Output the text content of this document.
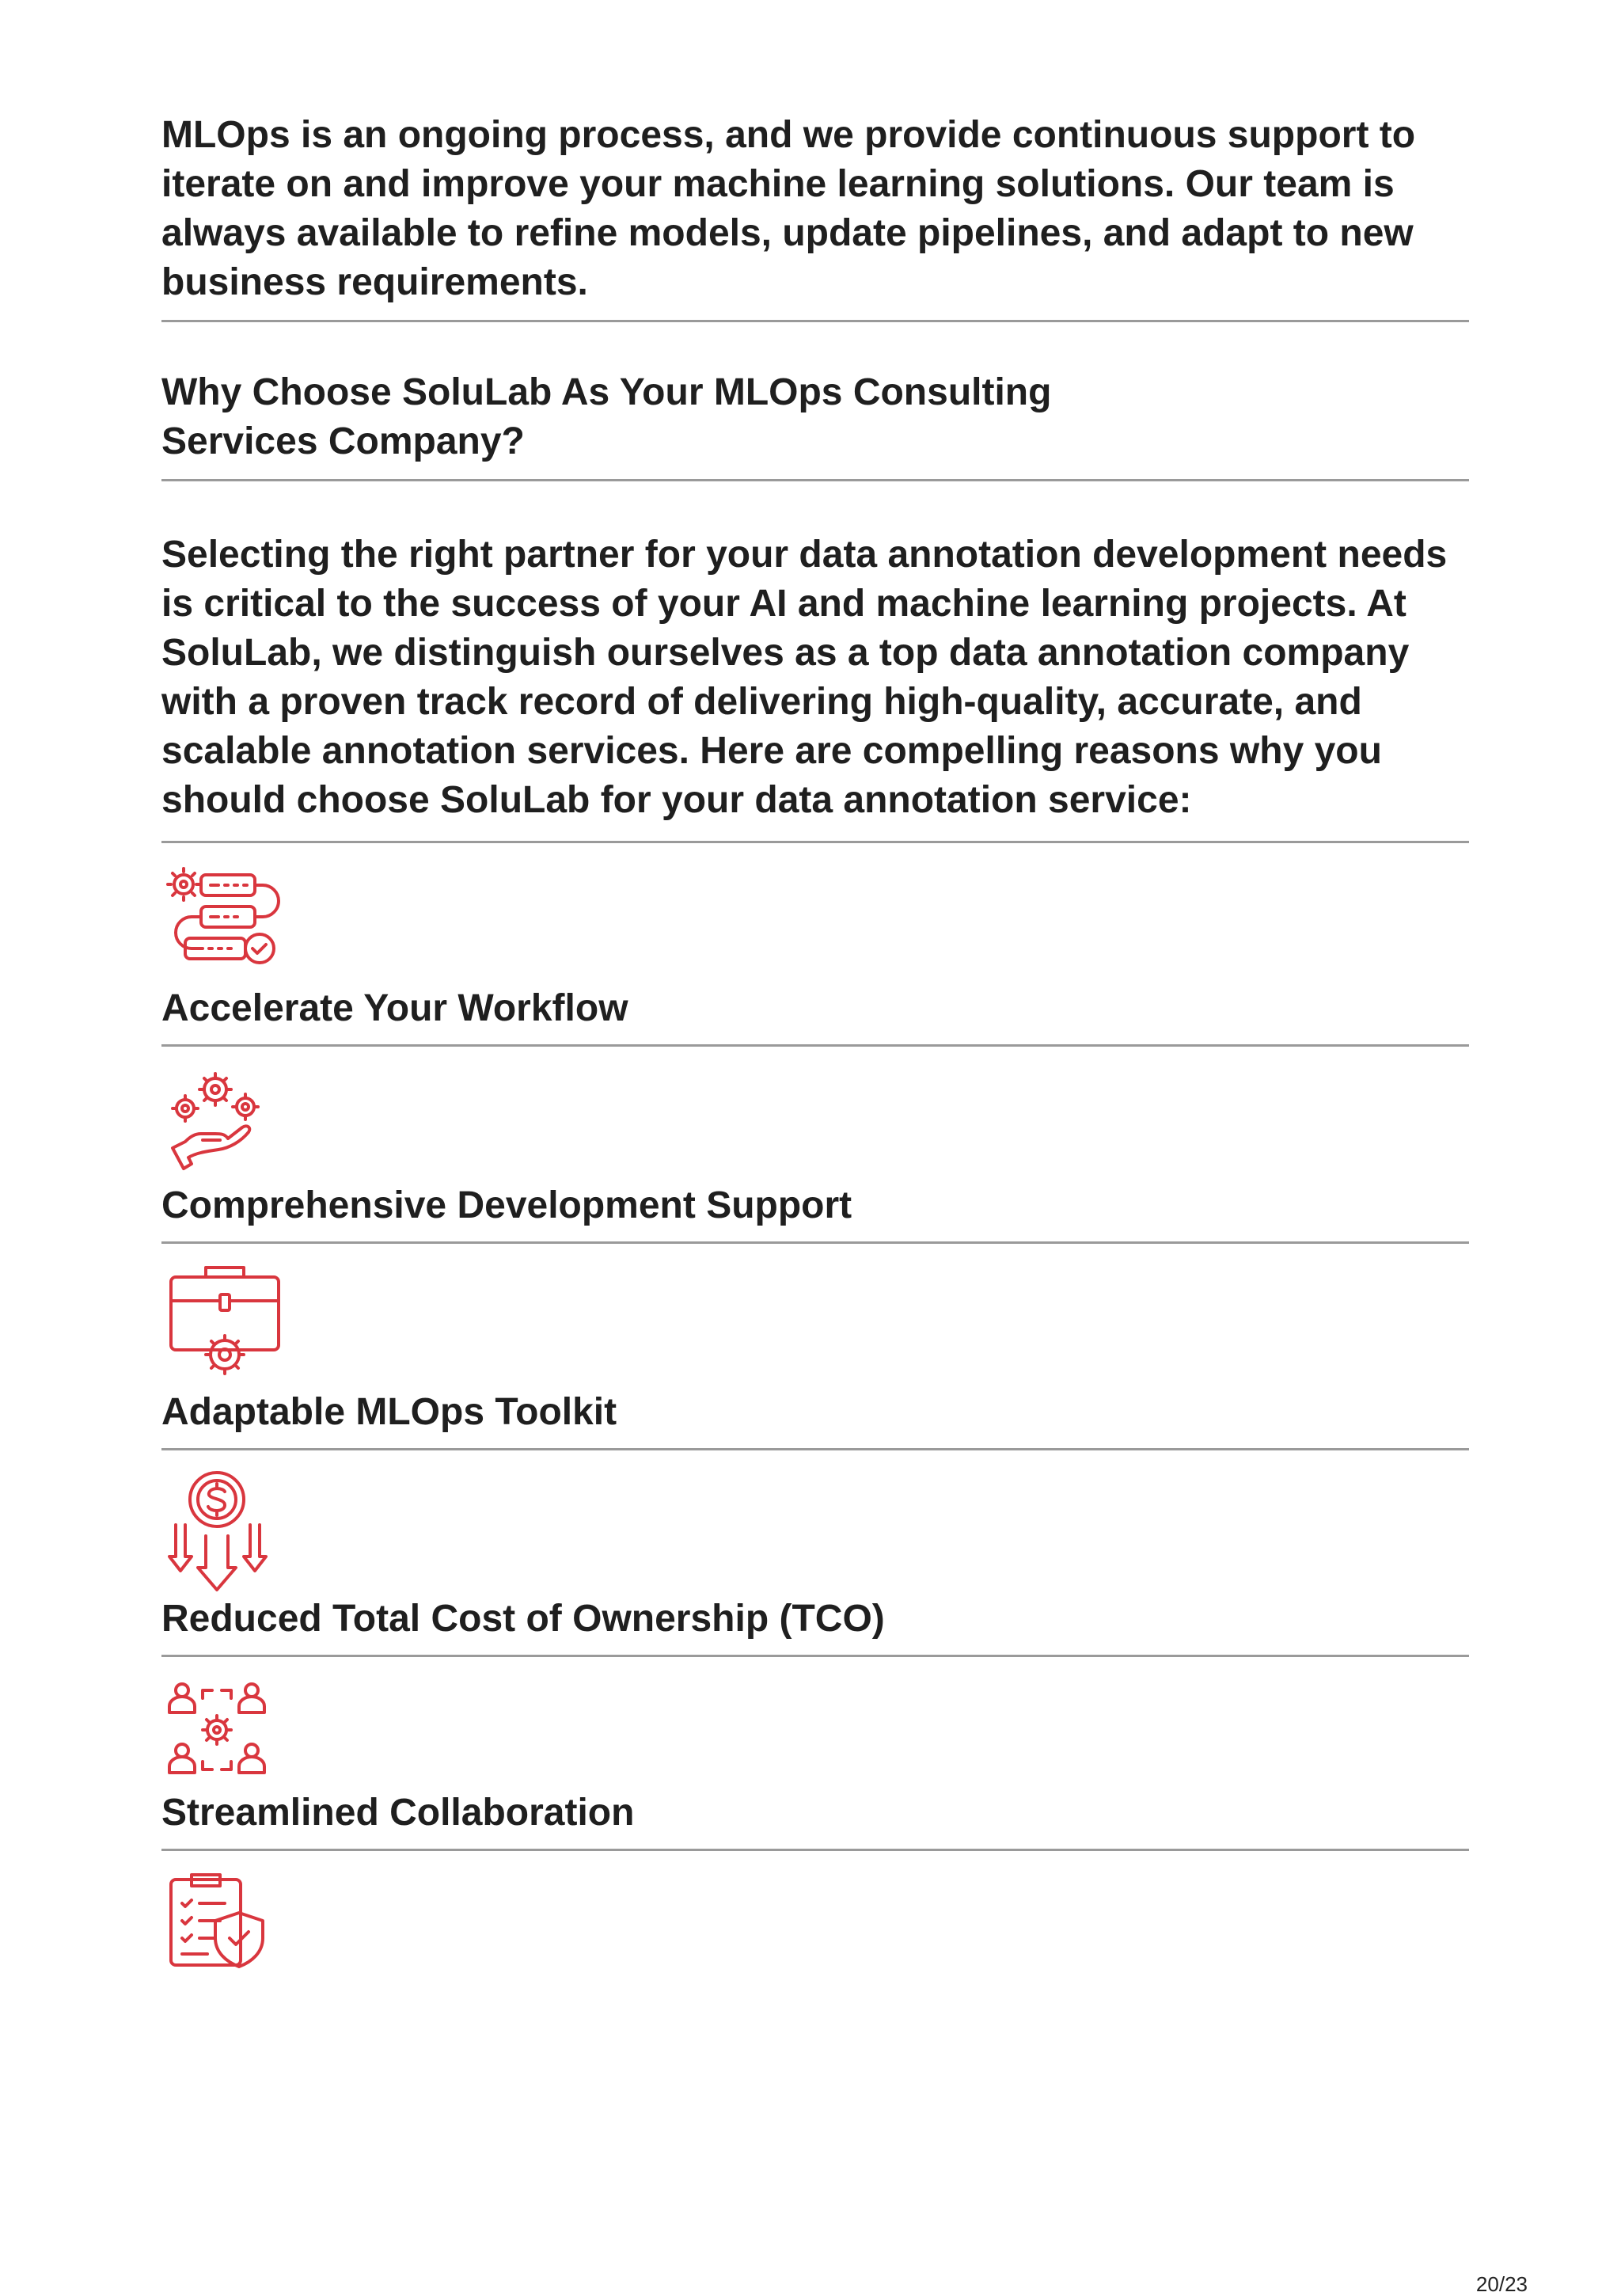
MLOps is an ongoing process, and we provide continuous support to iterate on and improve your machine learning solutions. Our team is always available to refine models, update pipelines, and adapt to new business requirements.

Why Choose SoluLab As Your MLOps Consulting Services Company?

Selecting the right partner for your data annotation development needs is critical to the success of your AI and machine learning projects. At SoluLab, we distinguish ourselves as a top data annotation company with a proven track record of delivering high-quality, accurate, and scalable annotation services. Here are compelling reasons why you should choose SoluLab for your data annotation service:

Accelerate Your Workflow
Comprehensive Development Support
Adaptable MLOps Toolkit
Reduced Total Cost of Ownership (TCO)
Streamlined Collaboration
20/23
